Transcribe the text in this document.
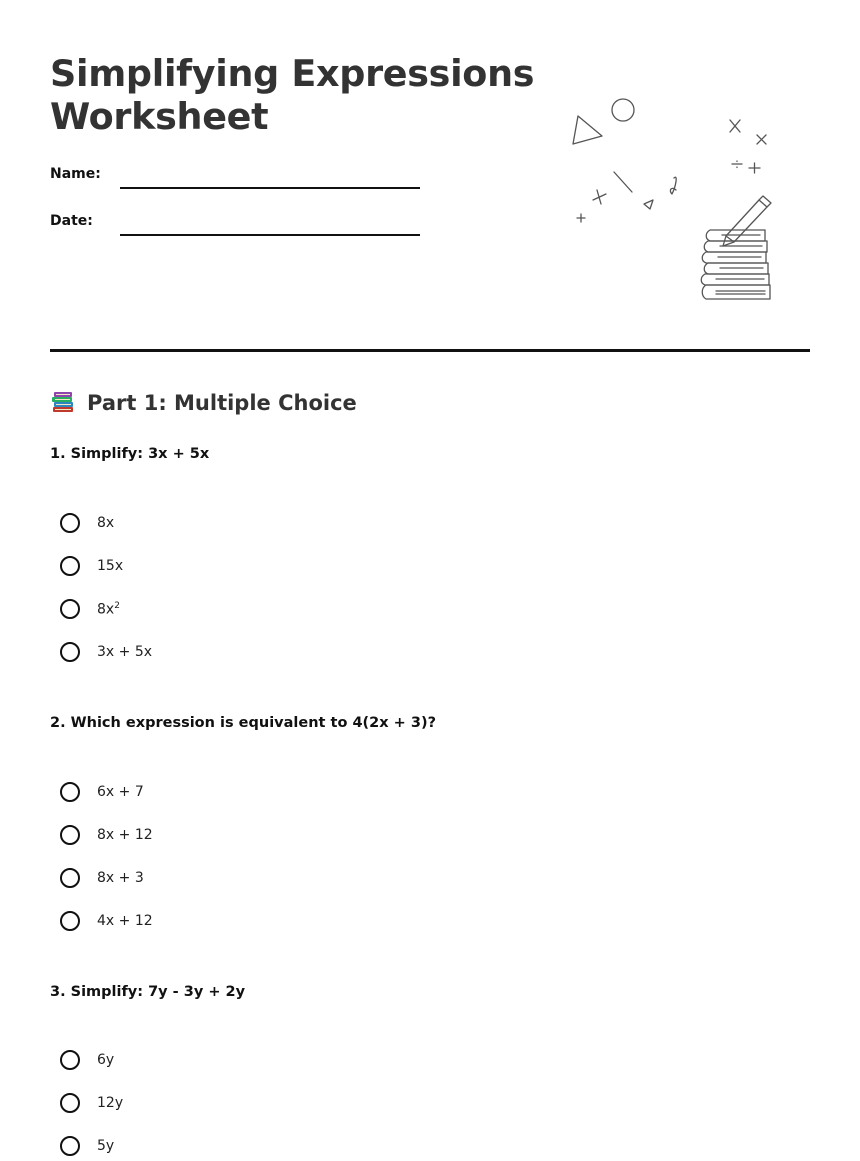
Simplifying Expressions
Worksheet
Name:
Date:
Part 1: Multiple Choice

1. Simplify: 3x + 5x

8x
15x
$8x^2$
3x + 5x

2. Which expression is equivalent to 4(2x + 3)?

6x + 7
8x + 12
8x + 3
4x + 12

3. Simplify: 7y - 3y + 2y

6y
12y
5y
